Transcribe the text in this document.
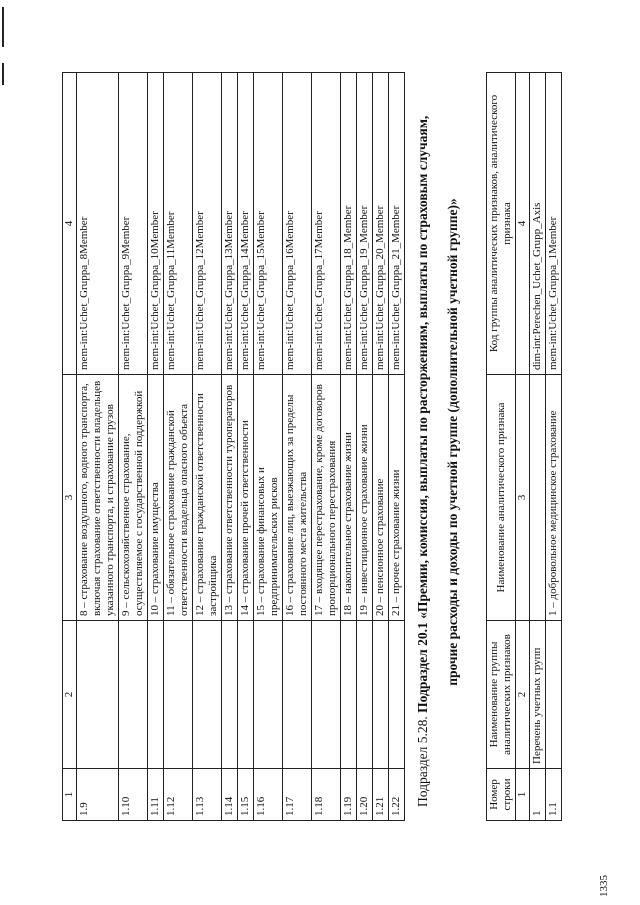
1335
1	2	3	4
1.9		8 – страхование воздушного, водного транспорта, включая страхование ответственности владельцев указанного транспорта, и страхование грузов	mem-int:Uchet_Gruppa_8Member
1.10		9 – сельскохозяйственное страхование, осуществляемое с государственной поддержкой	mem-int:Uchet_Gruppa_9Member
1.11		10 – страхование имущества	mem-int:Uchet_Gruppa_10Member
1.12		11 – обязательное страхование гражданской ответственности владельца опасного объекта	mem-int:Uchet_Gruppa_11Member
1.13		12 – страхование гражданской ответственности застройщика	mem-int:Uchet_Gruppa_12Member
1.14		13 – страхование ответственности туроператоров	mem-int:Uchet_Gruppa_13Member
1.15		14 – страхование прочей ответственности	mem-int:Uchet_Gruppa_14Member
1.16		15 – страхование финансовых и предпринимательских рисков	mem-int:Uchet_Gruppa_15Member
1.17		16 – страхование лиц, выезжающих за пределы постоянного места жительства	mem-int:Uchet_Gruppa_16Member
1.18		17 – входящее перестрахование, кроме договоров пропорционального перестрахования	mem-int:Uchet_Gruppa_17Member
1.19		18 – накопительное страхование жизни	mem-int:Uchet_Gruppa_18_Member
1.20		19 – инвестиционное страхование жизни	mem-int:Uchet_Gruppa_19_Member
1.21		20 – пенсионное страхование	mem-int:Uchet_Gruppa_20_Member
1.22		21 – прочее страхование жизни	mem-int:Uchet_Gruppa_21_Member
Подраздел 5.28. Подраздел 20.1 «Премии, комиссия, выплаты по расторжениям, выплаты по страховым случаям,	прочие расходы и доходы по учетной группе (дополнительной учетной группе)»
Номер строки	Наименование группы аналитических признаков	Наименование аналитического признака	Код группы аналитических признаков, аналитического признака
1	2	3	4
1	Перечень учетных групп		dim-int:Perechen_Uchet_Grupp_Axis
1.1		1 – добровольное медицинское страхование	mem-int:Uchet_Gruppa_1Member
